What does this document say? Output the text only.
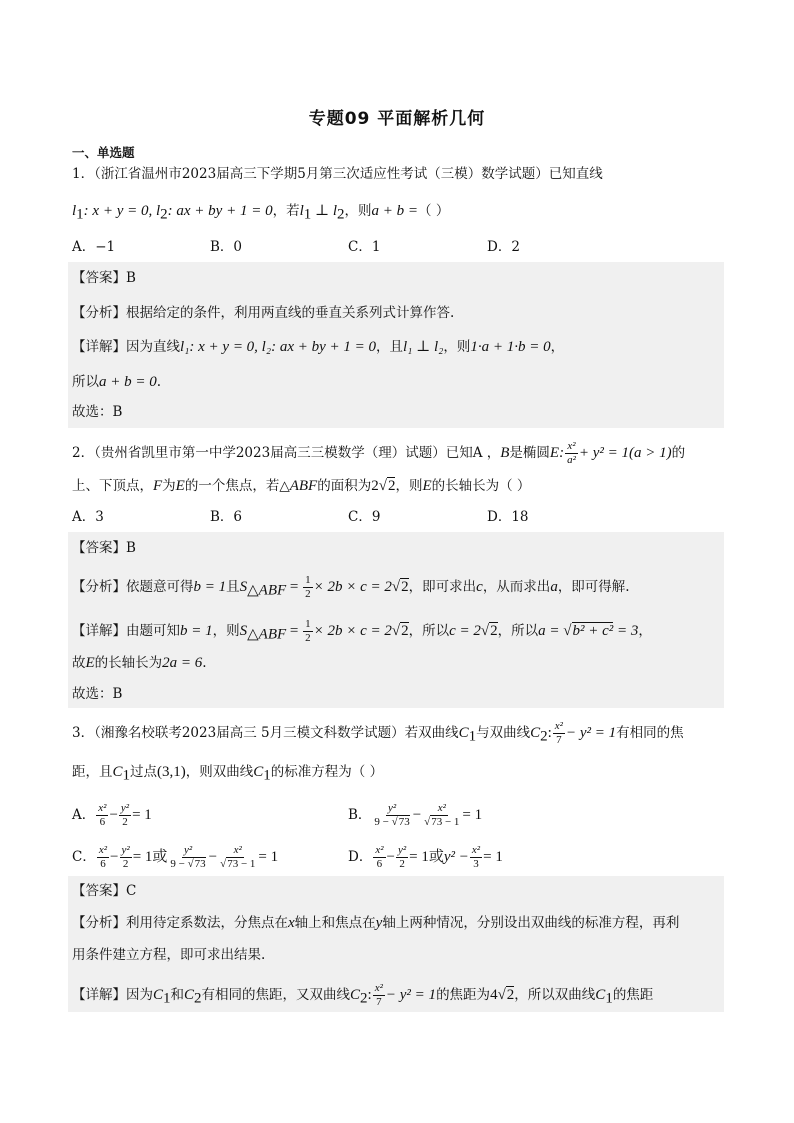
专题09 平面解析几何
一、单选题
1．（浙江省温州市2023届高三下学期5月第三次适应性考试（三模）数学试题）已知直线
$l_1$: x + y = 0, $l_2$: ax + by + 1 = 0，若$l_1$ ⊥ $l_2$，则a + b =（ ）
A．−1	B．0	C．1	D．2
【答案】B
【分析】根据给定的条件，利用两直线的垂直关系列式计算作答.
【详解】因为直线l₁: x + y = 0, l₂: ax + by + 1 = 0，且l₁ ⊥ l₂，则1·a + 1·b = 0，
所以a + b = 0.
故选：B
2．（贵州省凯里市第一中学2023届高三三模数学（理）试题）已知A ，B是椭圆E: $\frac{\text{x²}}{\text{a²}} + y^2 = 1(a > 1)$的
上、下顶点，F为E的一个焦点，若△ABF的面积为2√2，则E的长轴长为（ ）
A．3	B．6	C．9	D．18
【答案】B
【分析】依题意可得b = 1且$S_{\triangle ABF} = \frac{1}{2} \times 2b \times c = 2√2$，即可求出c，从而求出a，即可得解.
【详解】由题可知b = 1，则$S_{\triangle ABF} = \frac{1}{2} \times 2b \times c = 2√2$，所以c = 2√2，所以a = √b² + c² = 3，
故E的长轴长为2a = 6.
故选：B
3．（湘豫名校联考2023届高三 5月三模文科数学试题）若双曲线$C_1$与双曲线$C_2$: $\frac{\text{x²}}{7} - y^2 = 1$有相同的焦
距，且$C_1$过点(3,1)，则双曲线$C_1$的标准方程为（ ）
A． $\frac{\text{x²}}{6} - \frac{\text{y²}}{2} = 1$	B． $\frac{\text{y²}}{9 - √73} - \frac{\text{x²}}{√73 - 1} = 1$
C． $\frac{\text{x²}}{6} - \frac{\text{y²}}{2} = 1$或 $\frac{\text{y²}}{9 - √73} - \frac{\text{x²}}{√73 - 1} = 1$	D． $\frac{\text{x²}}{6} - \frac{\text{y²}}{2} = 1$或$y^2 - \frac{\text{x²}}{3} = 1$
【答案】C
【分析】利用待定系数法，分焦点在x轴上和焦点在y轴上两种情况，分别设出双曲线的标准方程，再利
用条件建立方程，即可求出结果.
【详解】因为$C_1$和$C_2$有相同的焦距，又双曲线$C_2$: $\frac{\text{x²}}{7} - y^2 = 1$的焦距为4√2，所以双曲线$C_1$的焦距
